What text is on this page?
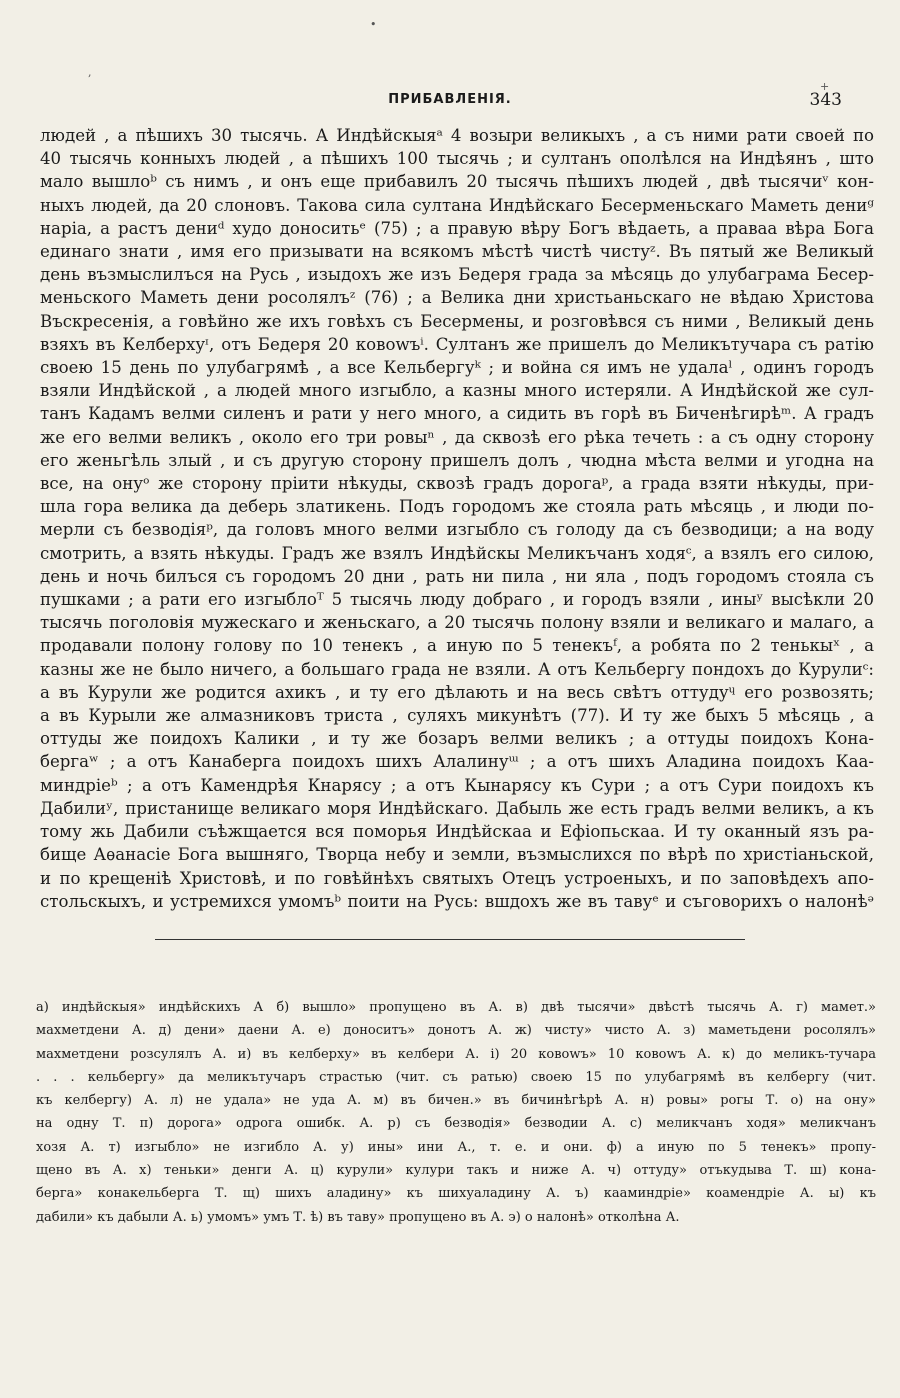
•
,
+
ПРИБАВЛЕНІЯ.	343

людей , а пѣшихъ 30 тысячь. А Индѣйскыяᵃ 4 возыри великыхъ , а съ ними рати своей по

40 тысячь конныхъ людей , а пѣшихъ 100 тысячь ; и султанъ ополѣлся на Индѣянъ , што

мало вышлоᵇ съ нимъ , и онъ еще прибавилъ 20 тысячь пѣшихъ людей , двѣ тысячиᵛ кон-

ныхъ людей, да 20 слоновъ. Такова сила султана Индѣйскаго Бесерменьскаго Маметь дениᵍ

наріа, а растъ дениᵈ худо доноситьᵉ (75) ; а правую вѣру Богъ вѣдаеть, а праваа вѣра Бога

единаго знати , имя его призывати на всякомъ мѣстѣ чистѣ чистуᶻ. Въ пятый же Великый

день възмыслилъся на Русь , изыдохъ же изъ Бедеря града за мѣсяць до улубаграма Бесер-

меньского Маметь дени росолялъᶻ (76) ; а Велика дни христьаньскаго не вѣдаю Христова

Въскресенія, а говѣйно же ихъ говѣхъ съ Бесермены, и розговѣвся съ ними , Великый день

взяхъ въ Келберхуᶦ, отъ Бедеря 20 ковоwъⁱ. Султанъ же пришелъ до Меликътучара съ ратію

своею 15 день по улубагрямѣ , а все Кельбергуᵏ ; и война ся имъ не удалаˡ , одинъ городъ

взяли Индѣйской , а людей много изгыбло, а казны много истеряли. А Индѣйской же сул-

танъ Кадамъ велми силенъ и рати у него много, а сидить въ горѣ въ Биченѣгирѣᵐ. А градъ

же его велми великъ , около его три ровыⁿ , да сквозѣ его рѣка течеть : а съ одну сторону

его женьгѣль злый , и съ другую сторону пришелъ долъ , чюдна мѣста велми и угодна на

все, на онуᵒ же сторону пріити нѣкуды, сквозѣ градъ дорогаᵖ, а града взяти нѣкуды, при-

шла гора велика да деберь златикень. Подъ городомъ же стояла рать мѣсяць , и люди по-

мерли съ безводіяᵖ, да головъ много велми изгыбло съ голоду да съ безводици; а на воду

смотрить, а взять нѣкуды. Градъ же взялъ Индѣйскы Меликъчанъ ходяᶜ, а взялъ его силою,

день и ночь билъся съ городомъ 20 дни , рать ни пила , ни яла , подъ городомъ стояла съ

пушками ; а рати его изгыблоᵀ 5 тысячь люду добраго , и городъ взяли , иныʸ высѣкли 20

тысячь поголовія мужескаго и женьскаго, а 20 тысячь полону взяли и великаго и малаго, а

продавали полону голову по 10 тенекъ , а иную по 5 тенекъᶠ, а робята по 2 тенькыˣ , а

казны же не было ничего, а большаго града не взяли. А отъ Кельбергу пондохъ до Курулиᶜ:

а въ Курули же родится ахикъ , и ту его дѣлають и на весь свѣтъ оттудуᶣ его розвозять;

а въ Курыли же алмазниковъ триста , суляхъ микунѣтъ (77). И ту же быхъ 5 мѣсяць , а

оттуды же поидохъ Калики , и ту же бозаръ велми великъ ; а оттуды поидохъ Кона-

бергаʷ ; а отъ Канаберга поидохъ шихъ Алалинуᵚ ; а отъ шихъ Аладина поидохъ Каа-

миндріеᵇ ; а отъ Камендрѣя Кнарясу ; а отъ Кынарясу къ Сури ; а отъ Сури поидохъ къ

Дабилиʸ, пристанище великаго моря Индѣйскаго. Дабыль же есть градъ велми великъ, а къ

тому жь Дабили съѣжщается вся поморья Индѣйскаа и Ефіопьскаа. И ту оканный язъ ра-

бище Аѳанасіе Бога вышняго, Творца небу и земли, възмыслихся по вѣрѣ по христіаньской,

и по крещеніѣ Христовѣ, и по говѣйнѣхъ святыхъ Отецъ устроеныхъ, и по заповѣдехъ апо-

стольскыхъ, и устремихся умомъᵇ поити на Русь: вшдохъ же въ тавуᵉ и съговорихъ о налонѣᵊ

а) индѣйскыя» индѣйскихъ А б) вышло» пропущено въ А. в) двѣ тысячи» двѣстѣ тысячь А. г) мамет.»

махметдени А. д) дени» даени А. е) доноситъ» донотъ А. ж) чисту» чисто А. з) маметьдени росолялъ»

махметдени розсулялъ А. и) въ келберху» въ келбери А. і) 20 ковоwъ» 10 ковоwъ А. к) до меликъ-тучара

. . . кельбергу» да меликътучаръ страстью (чит. съ ратью) своею 15 по улубагрямѣ въ келбергу (чит.

къ келбергу) А. л) не удала» не уда А. м) въ бичен.» въ бичинѣгѣрѣ А. н) ровы» рогы Т. о) на ону»

на одну Т. п) дорога» одрога ошибк. А. р) съ безводія» безводии А. с) меликчанъ ходя» меликчанъ

хозя А. т) изгыбло» не изгибло А. у) ины» ини А., т. е. и они. ф) а иную по 5 тенекъ» пропу-

щено въ А. х) теньки» денги А. ц) курули» кулури такъ и ниже А. ч) оттуду» отъкудыва Т. ш) кона-

берга» конакельберга Т. щ) шихъ аладину» къ шихуаладину А. ъ) кааминдріе» коамендріе А. ы) къ

дабили» къ дабыли А. ь) умомъ» умъ Т. ѣ) въ таву» пропущено въ А. э) о налонѣ» отколѣна А.
